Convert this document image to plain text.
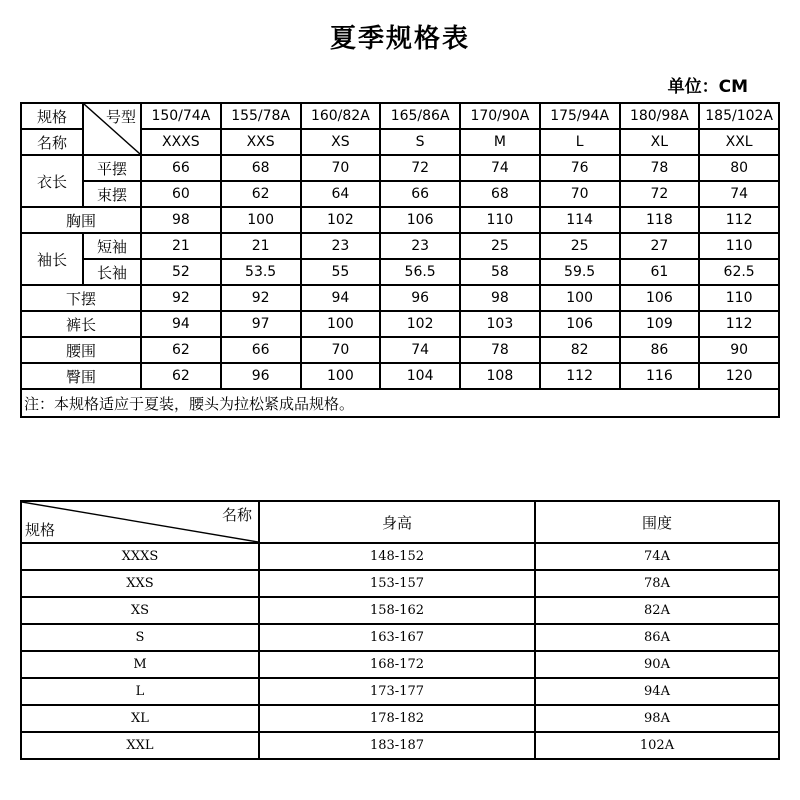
夏季规格表
单位：CM
规格	号型	150/74A	155/78A	160/82A	165/86A	170/90A	175/94A	180/98A	185/102A
名称		XXXS	XXS	XS	S	M	L	XL	XXL
衣长	平摆	66	68	70	72	74	76	78	80
	束摆	60	62	64	66	68	70	72	74
胸围		98	100	102	106	110	114	118	112
袖长	短袖	21	21	23	23	25	25	27	110
	长袖	52	53.5	55	56.5	58	59.5	61	62.5
下摆		92	92	94	96	98	100	106	110
裤长		94	97	100	102	103	106	109	112
腰围		62	66	70	74	78	82	86	90
臀围		62	96	100	104	108	112	116	120
注：本规格适应于夏装，腰头为拉松紧成品规格。									
名称
规格	身高	围度
XXXS	148-152	74A
XXS	153-157	78A
XS	158-162	82A
S	163-167	86A
M	168-172	90A
L	173-177	94A
XL	178-182	98A
XXL	183-187	102A
